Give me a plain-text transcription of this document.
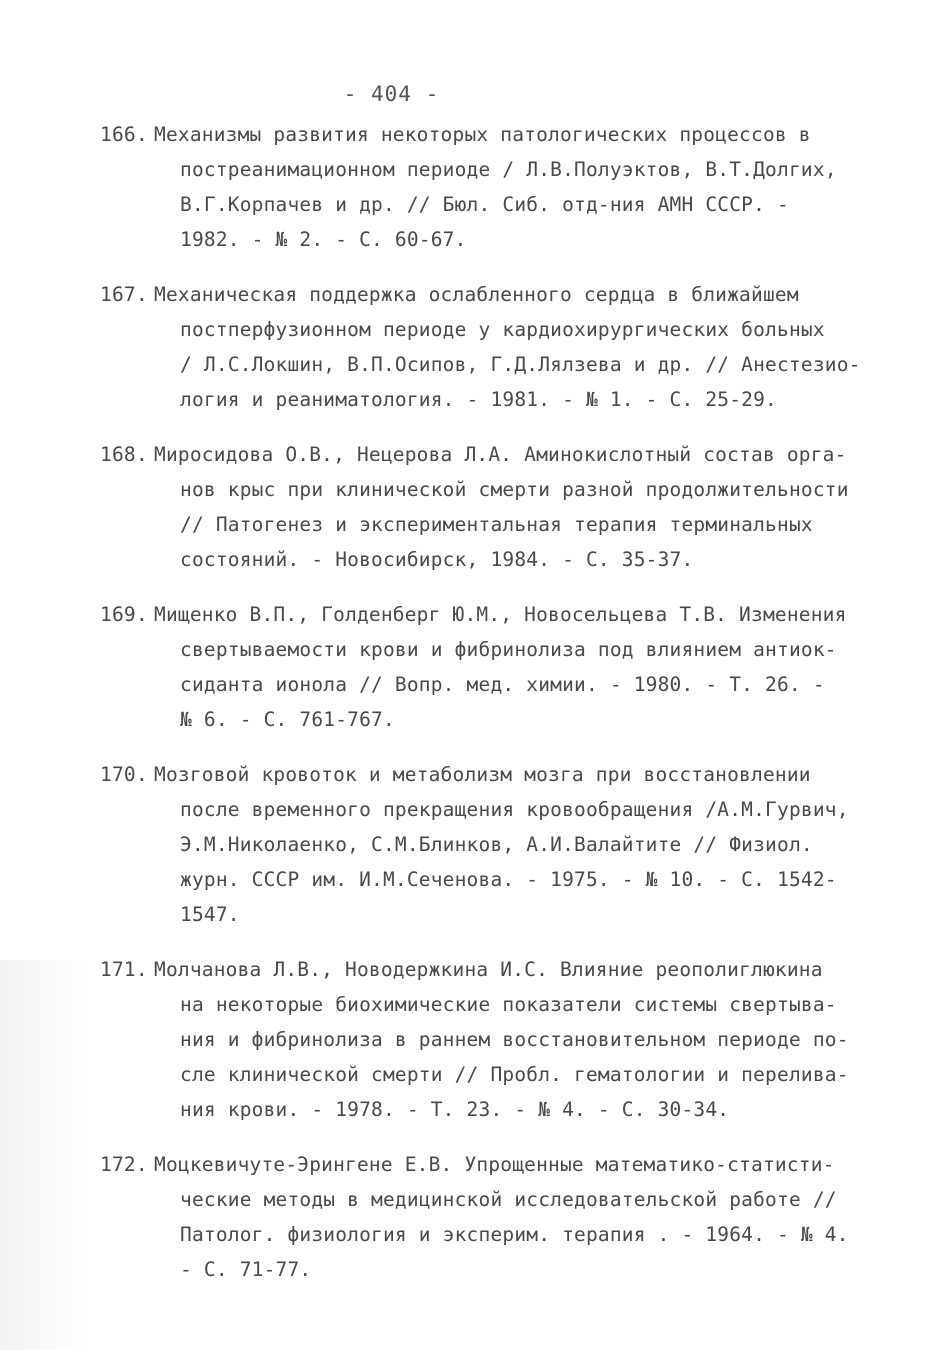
- 404 -
166. Механизмы развития некоторых патологических процессов в
постреанимационном периоде / Л.В.Полуэктов, В.Т.Долгих,
В.Г.Корпачев и др. // Бюл. Сиб. отд-ния АМН СССР. -
1982. - № 2. - С. 60-67.
167. Механическая поддержка ослабленного сердца в ближайшем
постперфузионном периоде у кардиохирургических больных
/ Л.С.Локшин, В.П.Осипов, Г.Д.Лялзева и др. // Анестезио-
логия и реаниматология. - 1981. - № 1. - С. 25-29.
168. Миросидова О.В., Нецерова Л.А. Аминокислотный состав орга-
нов крыс при клинической смерти разной продолжительности
// Патогенез и экспериментальная терапия терминальных
состояний. - Новосибирск, 1984. - С. 35-37.
169. Мищенко В.П., Голденберг Ю.М., Новосельцева Т.В. Изменения
свертываемости крови и фибринолиза под влиянием антиок-
сиданта ионола // Вопр. мед. химии. - 1980. - Т. 26. -
№ 6. - С. 761-767.
170. Мозговой кровоток и метаболизм мозга при восстановлении
после временного прекращения кровообращения /А.М.Гурвич,
Э.М.Николаенко, С.М.Блинков, А.И.Валайтите // Физиол.
журн. СССР им. И.М.Сеченова. - 1975. - № 10. - С. 1542-
1547.
171. Молчанова Л.В., Новодержкина И.С. Влияние реополиглюкина
на некоторые биохимические показатели системы свертыва-
ния и фибринолиза в раннем восстановительном периоде по-
сле клинической смерти // Пробл. гематологии и перелива-
ния крови. - 1978. - Т. 23. - № 4. - С. 30-34.
172. Моцкевичуте-Эрингене Е.В. Упрощенные математико-статисти-
ческие методы в медицинской исследовательской работе //
Патолог. физиология и эксперим. терапия . - 1964. - № 4.
- С. 71-77.
